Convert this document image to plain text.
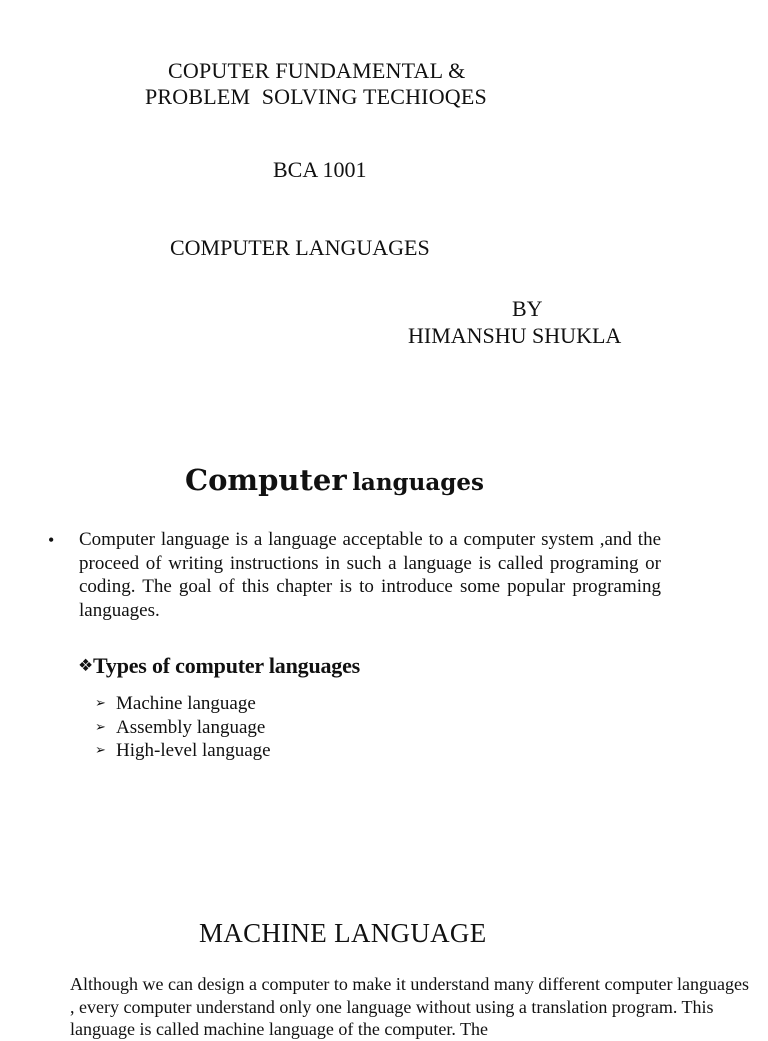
COPUTER FUNDAMENTAL &
PROBLEM  SOLVING TECHIOQES
BCA 1001
COMPUTER LANGUAGES
BY
HIMANSHU SHUKLA
Computer languages
• Computer language is a language acceptable to a computer system ,and the proceed of writing instructions in such a language is called programing or coding. The goal of this chapter is to introduce some popular programing languages.
❖Types of computer languages
➢ Machine language
➢ Assembly language
➢ High-level language
MACHINE LANGUAGE
Although we can design a computer to make it understand many different computer languages , every computer understand only one language without using a translation program. This language is called machine language of the computer. The
